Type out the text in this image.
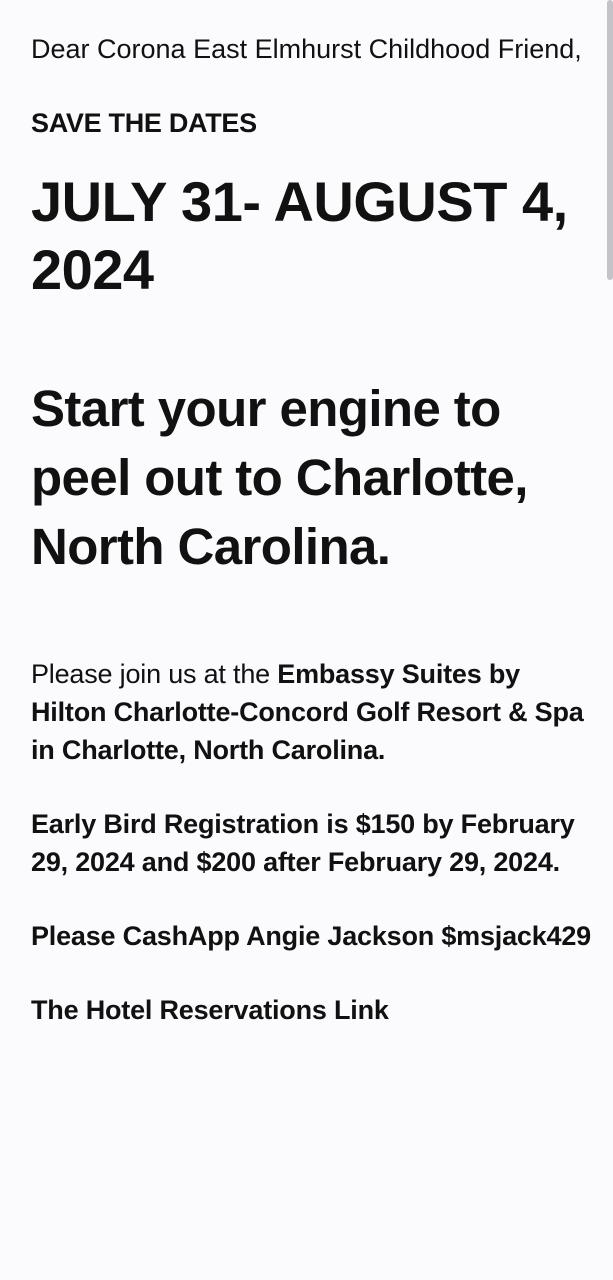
Dear Corona East Elmhurst Childhood Friend,

SAVE THE DATES

JULY 31- AUGUST 4, 2024

Start your engine to peel out to Charlotte, North Carolina.

Please join us at the Embassy Suites by Hilton Charlotte-Concord Golf Resort & Spa in Charlotte, North Carolina.

Early Bird Registration is $150 by February 29, 2024 and $200 after February 29, 2024.

Please CashApp Angie Jackson $msjack429

The Hotel Reservations Link
